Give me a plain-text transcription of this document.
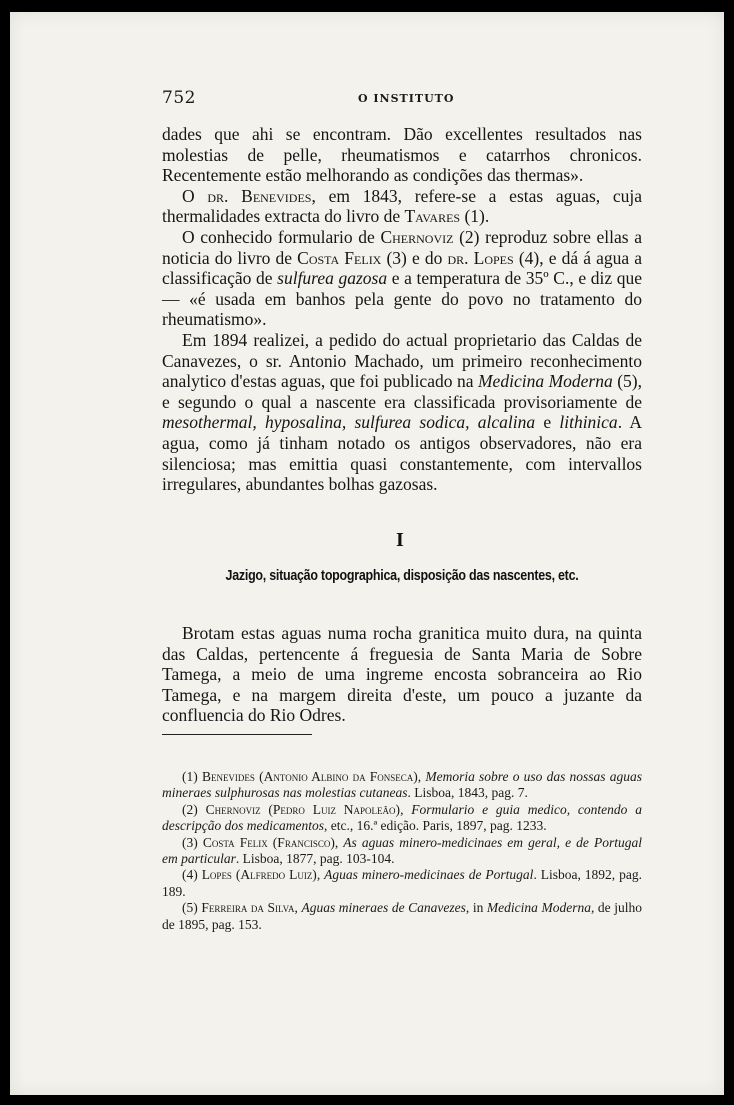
752	O INSTITUTO

dades que ahi se encontram. Dão excellentes resultados nas molestias de pelle, rheumatismos e catarrhos chronicos. Recentemente estão melhorando as condições das thermas».

O dr. Benevides, em 1843, refere-se a estas aguas, cuja thermalidades extracta do livro de Tavares (1).

O conhecido formulario de Chernoviz (2) reproduz sobre ellas a noticia do livro de Costa Felix (3) e do dr. Lopes (4), e dá á agua a classificação de sulfurea gazosa e a temperatura de 35º C., e diz que — «é usada em banhos pela gente do povo no tratamento do rheumatismo».

Em 1894 realizei, a pedido do actual proprietario das Caldas de Canavezes, o sr. Antonio Machado, um primeiro reconhecimento analytico d'estas aguas, que foi publicado na Medicina Moderna (5), e segundo o qual a nascente era classificada provisoriamente de mesothermal, hyposalina, sulfurea sodica, alcalina e lithinica. A agua, como já tinham notado os antigos observadores, não era silenciosa; mas emittia quasi constantemente, com intervallos irregulares, abundantes bolhas gazosas.

I
Jazigo, situação topographica, disposição das nascentes, etc.

Brotam estas aguas numa rocha granitica muito dura, na quinta das Caldas, pertencente á freguesia de Santa Maria de Sobre Tamega, a meio de uma ingreme encosta sobranceira ao Rio Tamega, e na margem direita d'este, um pouco a juzante da confluencia do Rio Odres.

(1) Benevides (Antonio Albino da Fonseca), Memoria sobre o uso das nossas aguas mineraes sulphurosas nas molestias cutaneas. Lisboa, 1843, pag. 7.

(2) Chernoviz (Pedro Luiz Napoleão), Formulario e guia medico, contendo a descripção dos medicamentos, etc., 16.ª edição. Paris, 1897, pag. 1233.

(3) Costa Felix (Francisco), As aguas minero-medicinaes em geral, e de Portugal em particular. Lisboa, 1877, pag. 103-104.

(4) Lopes (Alfredo Luiz), Aguas minero-medicinaes de Portugal. Lisboa, 1892, pag. 189.

(5) Ferreira da Silva, Aguas mineraes de Canavezes, in Medicina Moderna, de julho de 1895, pag. 153.
